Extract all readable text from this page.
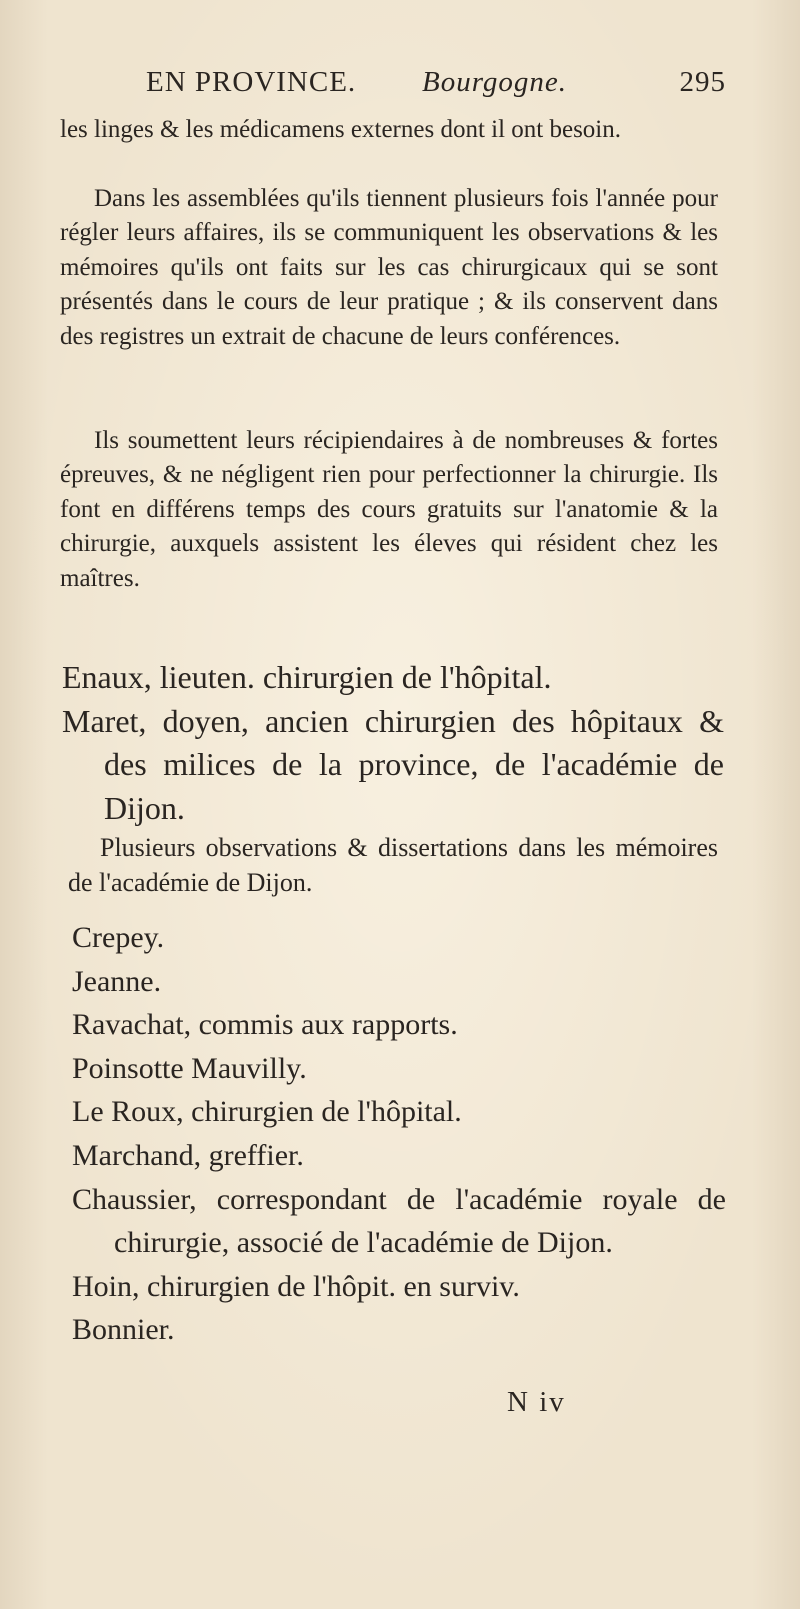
EN PROVINCE. Bourgogne.	295

les linges & les médicamens externes dont il ont besoin.

Dans les assemblées qu'ils tiennent plusieurs fois l'année pour régler leurs affaires, ils se communiquent les observations & les mémoires qu'ils ont faits sur les cas chirurgicaux qui se sont présentés dans le cours de leur pratique ; & ils conservent dans des registres un extrait de chacune de leurs conférences.

Ils soumettent leurs récipiendaires à de nombreuses & fortes épreuves, & ne négligent rien pour perfectionner la chirurgie. Ils font en différens temps des cours gratuits sur l'anatomie & la chirurgie, auxquels assistent les éleves qui résident chez les maîtres.

Enaux, lieuten. chirurgien de l'hôpital.
Maret, doyen, ancien chirurgien des hôpitaux & des milices de la province, de l'académie de Dijon.

Plusieurs observations & dissertations dans les mémoires de l'académie de Dijon.

Crepey.
Jeanne.
Ravachat, commis aux rapports.
Poinsotte Mauvilly.
Le Roux, chirurgien de l'hôpital.
Marchand, greffier.
Chaussier, correspondant de l'académie royale de chirurgie, associé de l'académie de Dijon.
Hoin, chirurgien de l'hôpit. en surviv.
Bonnier.
N iv
